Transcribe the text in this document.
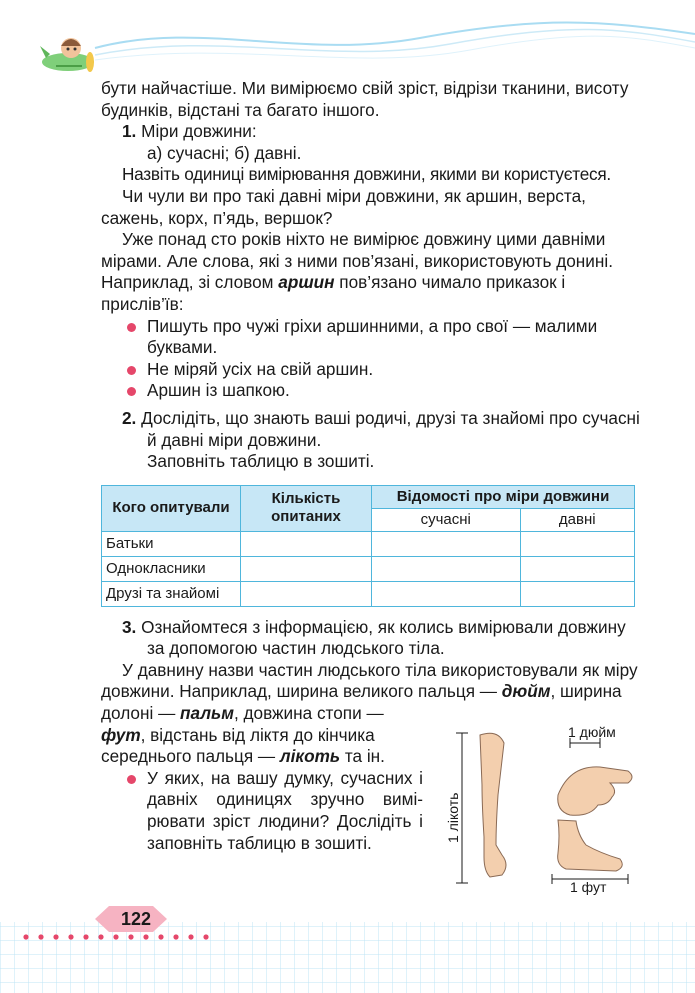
бути найчастіше. Ми вимірюємо свій зріст, відрізи тканини, висоту будинків, відстані та багато іншого.

1. Міри довжини:

а) сучасні; б) давні.

Назвіть одиниці вимірювання довжини, якими ви користуєтеся.

Чи чули ви про такі давні міри довжини, як аршин, верста, сажень, корх, п’ядь, вершок?

Уже понад сто років ніхто не вимірює довжину цими давніми мірами. Але слова, які з ними пов’язані, використовують донині. Наприклад, зі словом аршин пов’язано чимало приказок і прислів’їв:

Пишуть про чужі гріхи аршинними, а про свої — малими буквами.

Не міряй усіх на свій аршин.

Аршин із шапкою.

2. Дослідіть, що знають ваші родичі, друзі та знайомі про сучасні й давні міри довжини.

Заповніть таблицю в зошиті.

Кого опитували	Кількість опитаних	Відомості про міри довжини	
		сучасні	давні
Батьки			
Однокласники			
Друзі та знайомі			

3. Ознайомтеся з інформацією, як колись вимірювали довжину за допомогою частин людського тіла.

У давнину назви частин людського тіла використовували як міру довжини. Наприклад, ширина великого пальця — дюйм, ширина долоні — пальм, довжина стопи —

фут, відстань від ліктя до кінчика середнього пальця — лікоть та ін.

У яких, на вашу думку, сучасних і давніх одиницях зручно вимірювати зріст людини? Дослідіть і заповніть таблицю в зошиті.	1 лікоть
1 дюйм
1 фут
122
